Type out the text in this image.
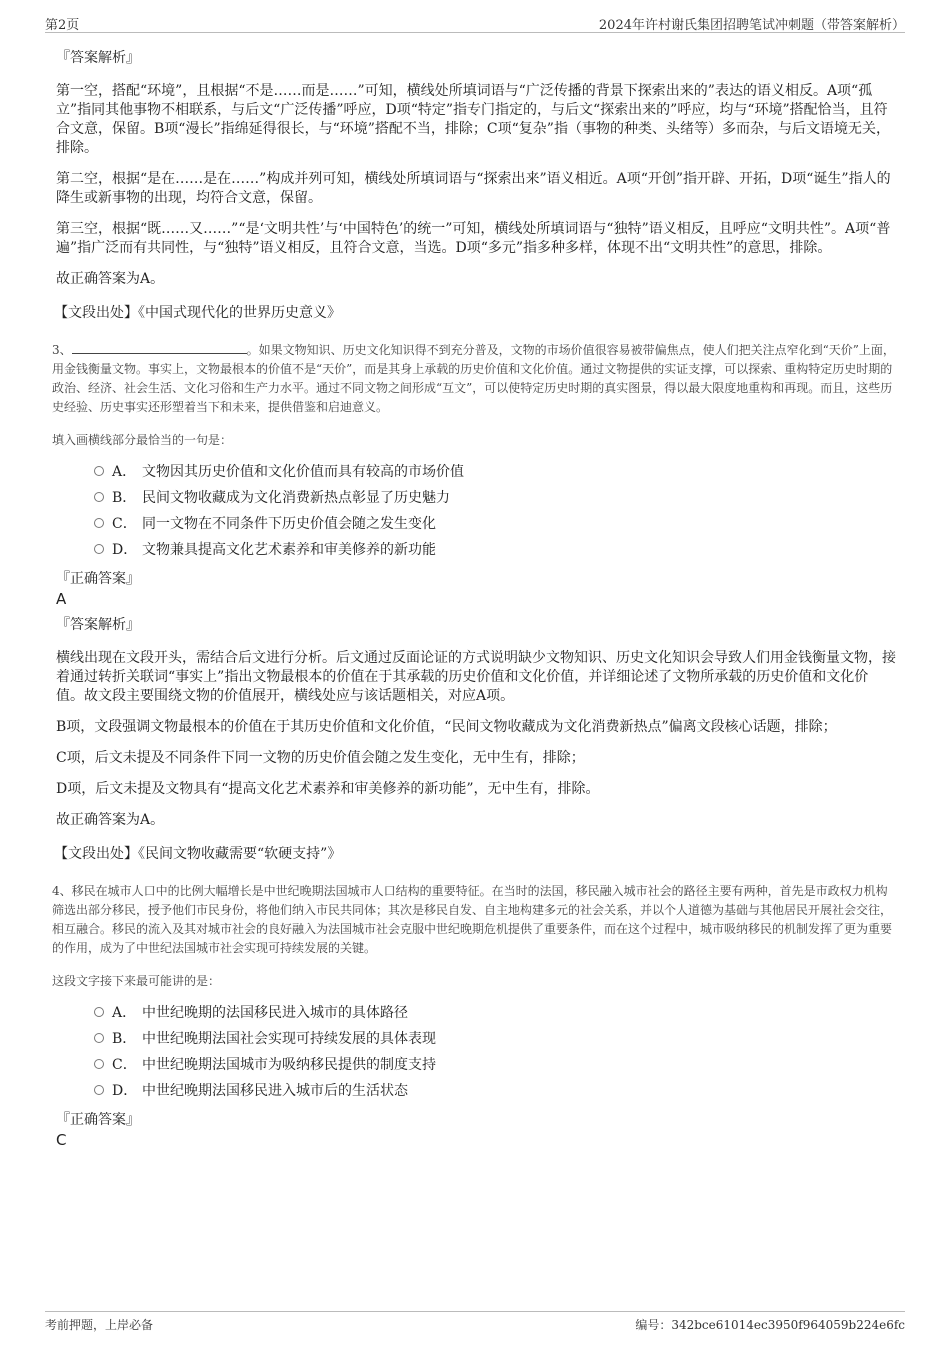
第2页	2024年许村谢氏集团招聘笔试冲刺题（带答案解析）

『答案解析』

第一空，搭配“环境”，且根据“不是……而是……”可知，横线处所填词语与“广泛传播的背景下探索出来的”表达的语义相反。A项“孤立”指同其他事物不相联系，与后文“广泛传播”呼应，D项“特定”指专门指定的，与后文“探索出来的”呼应，均与“环境”搭配恰当，且符合文意，保留。B项“漫长”指绵延得很长，与“环境”搭配不当，排除；C项“复杂”指（事物的种类、头绪等）多而杂，与后文语境无关，排除。

第二空，根据“是在……是在……”构成并列可知，横线处所填词语与“探索出来”语义相近。A项“开创”指开辟、开拓，D项“诞生”指人的降生或新事物的出现，均符合文意，保留。

第三空，根据“既……又……”“是‘文明共性’与‘中国特色’的统一”可知，横线处所填词语与“独特”语义相反，且呼应“文明共性”。A项“普遍”指广泛而有共同性，与“独特”语义相反，且符合文意，当选。D项“多元”指多种多样，体现不出“文明共性”的意思，排除。

故正确答案为A。

【文段出处】《中国式现代化的世界历史意义》

3、	。如果文物知识、历史文化知识得不到充分普及，文物的市场价值很容易被带偏焦点，使人们把关注点窄化到“天价”上面，用金钱衡量文物。事实上，文物最根本的价值不是“天价”，而是其身上承载的历史价值和文化价值。通过文物提供的实证支撑，可以探索、重构特定历史时期的政治、经济、社会生活、文化习俗和生产力水平。通过不同文物之间形成“互文”，可以使特定历史时期的真实图景，得以最大限度地重构和再现。而且，这些历史经验、历史事实还形塑着当下和未来，提供借鉴和启迪意义。

填入画横线部分最恰当的一句是：

A． 文物因其历史价值和文化价值而具有较高的市场价值
B． 民间文物收藏成为文化消费新热点彰显了历史魅力
C． 同一文物在不同条件下历史价值会随之发生变化
D． 文物兼具提高文化艺术素养和审美修养的新功能

『正确答案』

A

『答案解析』

横线出现在文段开头，需结合后文进行分析。后文通过反面论证的方式说明缺少文物知识、历史文化知识会导致人们用金钱衡量文物，接着通过转折关联词“事实上”指出文物最根本的价值在于其承载的历史价值和文化价值，并详细论述了文物所承载的历史价值和文化价值。故文段主要围绕文物的价值展开，横线处应与该话题相关，对应A项。

B项，文段强调文物最根本的价值在于其历史价值和文化价值，“民间文物收藏成为文化消费新热点”偏离文段核心话题，排除；

C项，后文未提及不同条件下同一文物的历史价值会随之发生变化，无中生有，排除；

D项，后文未提及文物具有“提高文化艺术素养和审美修养的新功能”，无中生有，排除。

故正确答案为A。

【文段出处】《民间文物收藏需要“软硬支持”》

4、移民在城市人口中的比例大幅增长是中世纪晚期法国城市人口结构的重要特征。在当时的法国，移民融入城市社会的路径主要有两种，首先是市政权力机构筛选出部分移民，授予他们市民身份，将他们纳入市民共同体；其次是移民自发、自主地构建多元的社会关系，并以个人道德为基础与其他居民开展社会交往，相互融合。移民的流入及其对城市社会的良好融入为法国城市社会克服中世纪晚期危机提供了重要条件，而在这个过程中，城市吸纳移民的机制发挥了更为重要的作用，成为了中世纪法国城市社会实现可持续发展的关键。

这段文字接下来最可能讲的是：

A． 中世纪晚期的法国移民进入城市的具体路径
B． 中世纪晚期法国社会实现可持续发展的具体表现
C． 中世纪晚期法国城市为吸纳移民提供的制度支持
D． 中世纪晚期法国移民进入城市后的生活状态

『正确答案』

C

考前押题，上岸必备	编号：342bce61014ec3950f964059b224e6fc
